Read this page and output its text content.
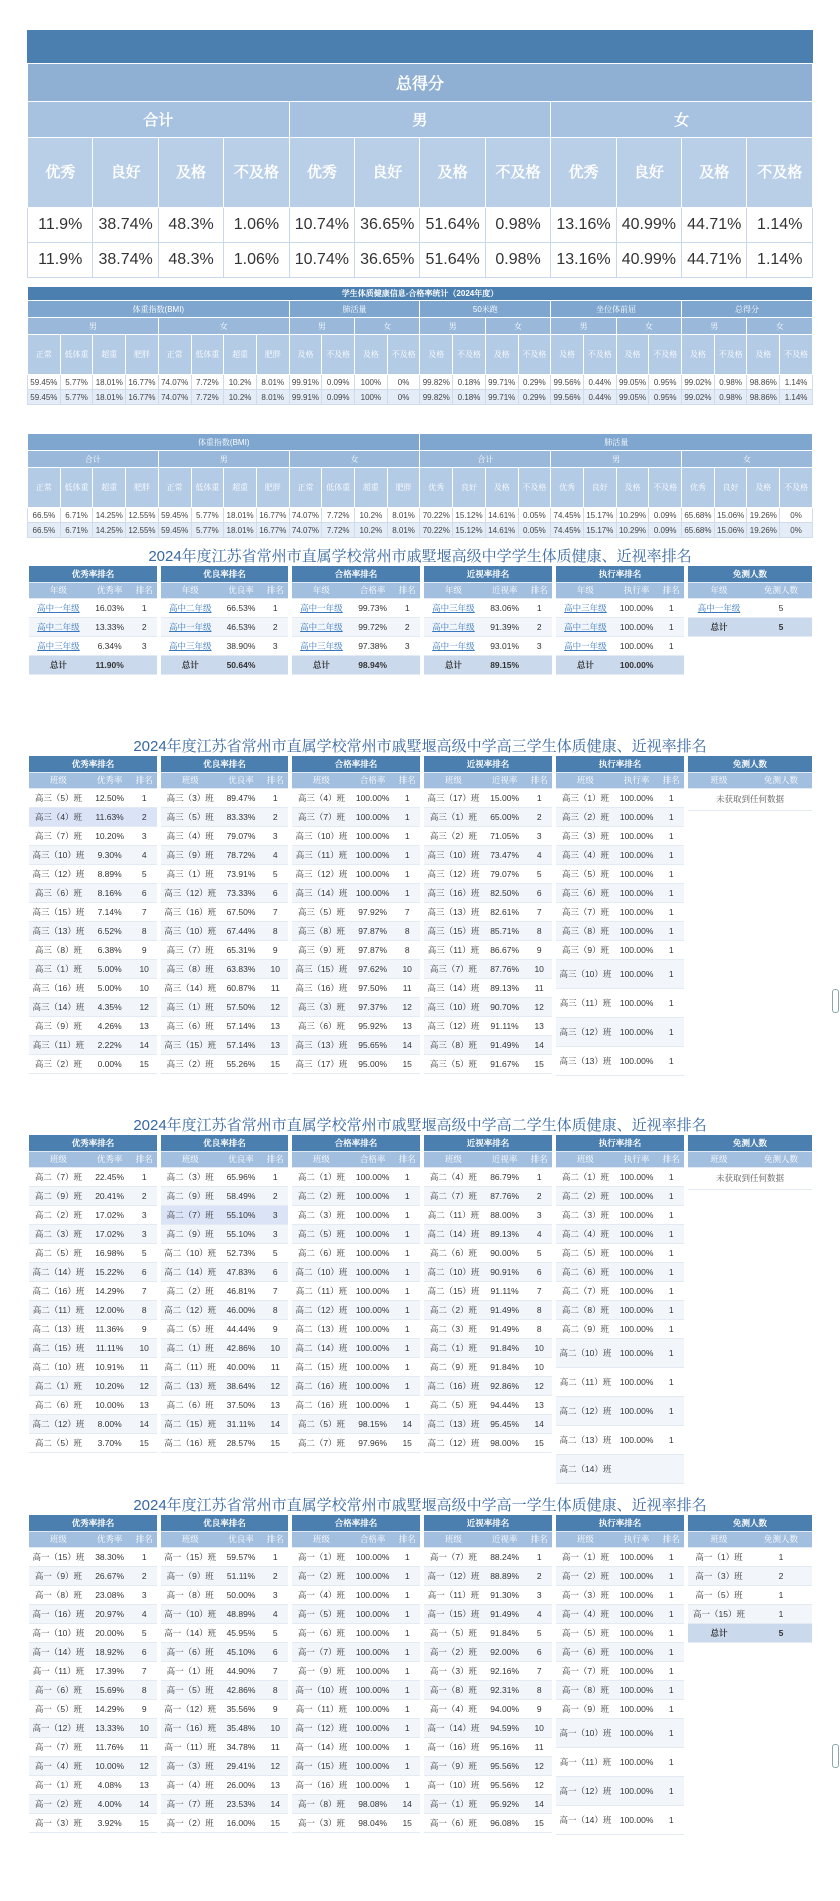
总得分											
合计				男				女			
优秀	良好	及格	不及格	优秀	良好	及格	不及格	优秀	良好	及格	不及格
11.9%	38.74%	48.3%	1.06%	10.74%	36.65%	51.64%	0.98%	13.16%	40.99%	44.71%	1.14%
11.9%	38.74%	48.3%	1.06%	10.74%	36.65%	51.64%	0.98%	13.16%	40.99%	44.71%	1.14%
学生体质健康信息-合格率统计（2024年度）																							
体重指数(BMI)								肺活量				50米跑				坐位体前屈				总得分			
男				女				男		女		男		女		男		女		男		女	
正常	低体重	超重	肥胖	正常	低体重	超重	肥胖	及格	不及格	及格	不及格	及格	不及格	及格	不及格	及格	不及格	及格	不及格	及格	不及格	及格	不及格
59.45%	5.77%	18.01%	16.77%	74.07%	7.72%	10.2%	8.01%	99.91%	0.09%	100%	0%	99.82%	0.18%	99.71%	0.29%	99.56%	0.44%	99.05%	0.95%	99.02%	0.98%	98.86%	1.14%
59.45%	5.77%	18.01%	16.77%	74.07%	7.72%	10.2%	8.01%	99.91%	0.09%	100%	0%	99.82%	0.18%	99.71%	0.29%	99.56%	0.44%	99.05%	0.95%	99.02%	0.98%	98.86%	1.14%
体重指数(BMI)												肺活量											
合计				男				女				合计				男				女			
正常	低体重	超重	肥胖	正常	低体重	超重	肥胖	正常	低体重	超重	肥胖	优秀	良好	及格	不及格	优秀	良好	及格	不及格	优秀	良好	及格	不及格
66.5%	6.71%	14.25%	12.55%	59.45%	5.77%	18.01%	16.77%	74.07%	7.72%	10.2%	8.01%	70.22%	15.12%	14.61%	0.05%	74.45%	15.17%	10.29%	0.09%	65.68%	15.06%	19.26%	0%
66.5%	6.71%	14.25%	12.55%	59.45%	5.77%	18.01%	16.77%	74.07%	7.72%	10.2%	8.01%	70.22%	15.12%	14.61%	0.05%	74.45%	15.17%	10.29%	0.09%	65.68%	15.06%	19.26%	0%
2024年度江苏省常州市直属学校常州市戚墅堰高级中学学生体质健康、近视率排名
优秀率排名		
年级	优秀率	排名
高中一年级	16.03%	1
高中二年级	13.33%	2
高中三年级	6.34%	3
总计	11.90%	
优良率排名		
年级	优良率	排名
高中二年级	66.53%	1
高中一年级	46.53%	2
高中三年级	38.90%	3
总计	50.64%	
合格率排名		
年级	合格率	排名
高中一年级	99.73%	1
高中二年级	99.72%	2
高中三年级	97.38%	3
总计	98.94%	
近视率排名		
年级	近视率	排名
高中三年级	83.06%	1
高中二年级	91.39%	2
高中一年级	93.01%	3
总计	89.15%	
执行率排名		
年级	执行率	排名
高中三年级	100.00%	1
高中二年级	100.00%	1
高中一年级	100.00%	1
总计	100.00%	
免测人数	
年级	免测人数
高中一年级	5
总计	5
2024年度江苏省常州市直属学校常州市戚墅堰高级中学高三学生体质健康、近视率排名
优秀率排名		
班级	优秀率	排名
高三（5）班	12.50%	1
高三（4）班	11.63%	2
高三（7）班	10.20%	3
高三（10）班	9.30%	4
高三（12）班	8.89%	5
高三（6）班	8.16%	6
高三（15）班	7.14%	7
高三（13）班	6.52%	8
高三（8）班	6.38%	9
高三（1）班	5.00%	10
高三（16）班	5.00%	10
高三（14）班	4.35%	12
高三（9）班	4.26%	13
高三（11）班	2.22%	14
高三（2）班	0.00%	15
优良率排名		
班级	优良率	排名
高三（3）班	89.47%	1
高三（5）班	83.33%	2
高三（4）班	79.07%	3
高三（9）班	78.72%	4
高三（1）班	73.91%	5
高三（12）班	73.33%	6
高三（16）班	67.50%	7
高三（10）班	67.44%	8
高三（7）班	65.31%	9
高三（8）班	63.83%	10
高三（14）班	60.87%	11
高三（1）班	57.50%	12
高三（6）班	57.14%	13
高三（15）班	57.14%	13
高三（2）班	55.26%	15
合格率排名		
班级	合格率	排名
高三（4）班	100.00%	1
高三（7）班	100.00%	1
高三（10）班	100.00%	1
高三（11）班	100.00%	1
高三（12）班	100.00%	1
高三（14）班	100.00%	1
高三（5）班	97.92%	7
高三（8）班	97.87%	8
高三（9）班	97.87%	8
高三（15）班	97.62%	10
高三（16）班	97.50%	11
高三（3）班	97.37%	12
高三（6）班	95.92%	13
高三（13）班	95.65%	14
高三（17）班	95.00%	15
近视率排名		
班级	近视率	排名
高三（17）班	15.00%	1
高三（1）班	65.00%	2
高三（2）班	71.05%	3
高三（10）班	73.47%	4
高三（12）班	79.07%	5
高三（16）班	82.50%	6
高三（13）班	82.61%	7
高三（15）班	85.71%	8
高三（11）班	86.67%	9
高三（7）班	87.76%	10
高三（14）班	89.13%	11
高三（10）班	90.70%	12
高三（12）班	91.11%	13
高三（8）班	91.49%	14
高三（5）班	91.67%	15
执行率排名		
班级	执行率	排名
高三（1）班	100.00%	1
高三（2）班	100.00%	1
高三（3）班	100.00%	1
高三（4）班	100.00%	1
高三（5）班	100.00%	1
高三（6）班	100.00%	1
高三（7）班	100.00%	1
高三（8）班	100.00%	1
高三（9）班	100.00%	1
高三（10）班	100.00%	1
高三（11）班	100.00%	1
高三（12）班	100.00%	1
高三（13）班	100.00%	1
免测人数
班级	免测人数
未获取到任何数据
2024年度江苏省常州市直属学校常州市戚墅堰高级中学高二学生体质健康、近视率排名
优秀率排名		
班级	优秀率	排名
高二（7）班	22.45%	1
高二（9）班	20.41%	2
高二（2）班	17.02%	3
高二（3）班	17.02%	3
高二（5）班	16.98%	5
高二（14）班	15.22%	6
高二（16）班	14.29%	7
高二（11）班	12.00%	8
高二（13）班	11.36%	9
高二（15）班	11.11%	10
高二（10）班	10.91%	11
高二（1）班	10.20%	12
高二（6）班	10.00%	13
高二（12）班	8.00%	14
高二（5）班	3.70%	15
优良率排名		
班级	优良率	排名
高二（3）班	65.96%	1
高二（9）班	58.49%	2
高二（7）班	55.10%	3
高二（9）班	55.10%	3
高二（10）班	52.73%	5
高二（14）班	47.83%	6
高二（2）班	46.81%	7
高二（12）班	46.00%	8
高二（5）班	44.44%	9
高二（1）班	42.86%	10
高二（11）班	40.00%	11
高二（13）班	38.64%	12
高二（6）班	37.50%	13
高二（15）班	31.11%	14
高二（16）班	28.57%	15
合格率排名		
班级	合格率	排名
高二（1）班	100.00%	1
高二（2）班	100.00%	1
高二（3）班	100.00%	1
高二（5）班	100.00%	1
高二（6）班	100.00%	1
高二（10）班	100.00%	1
高二（11）班	100.00%	1
高二（12）班	100.00%	1
高二（13）班	100.00%	1
高二（14）班	100.00%	1
高二（15）班	100.00%	1
高二（16）班	100.00%	1
高二（16）班	100.00%	1
高二（5）班	98.15%	14
高二（7）班	97.96%	15
近视率排名		
班级	近视率	排名
高二（4）班	86.79%	1
高二（7）班	87.76%	2
高二（11）班	88.00%	3
高二（14）班	89.13%	4
高二（6）班	90.00%	5
高二（10）班	90.91%	6
高二（15）班	91.11%	7
高二（2）班	91.49%	8
高二（3）班	91.49%	8
高二（1）班	91.84%	10
高二（9）班	91.84%	10
高二（16）班	92.86%	12
高二（5）班	94.44%	13
高二（13）班	95.45%	14
高二（12）班	98.00%	15
执行率排名		
班级	执行率	排名
高二（1）班	100.00%	1
高二（2）班	100.00%	1
高二（3）班	100.00%	1
高二（4）班	100.00%	1
高二（5）班	100.00%	1
高二（6）班	100.00%	1
高二（7）班	100.00%	1
高二（8）班	100.00%	1
高二（9）班	100.00%	1
高二（10）班	100.00%	1
高二（11）班	100.00%	1
高二（12）班	100.00%	1
高二（13）班	100.00%	1
高二（14）班		
免测人数
班级	免测人数
未获取到任何数据
2024年度江苏省常州市直属学校常州市戚墅堰高级中学高一学生体质健康、近视率排名
优秀率排名		
班级	优秀率	排名
高一（15）班	38.30%	1
高一（9）班	26.67%	2
高一（8）班	23.08%	3
高一（16）班	20.97%	4
高一（10）班	20.00%	5
高一（14）班	18.92%	6
高一（11）班	17.39%	7
高一（6）班	15.69%	8
高一（5）班	14.29%	9
高一（12）班	13.33%	10
高一（7）班	11.76%	11
高一（4）班	10.00%	12
高一（1）班	4.08%	13
高一（2）班	4.00%	14
高一（3）班	3.92%	15
优良率排名		
班级	优良率	排名
高一（15）班	59.57%	1
高一（9）班	51.11%	2
高一（8）班	50.00%	3
高一（10）班	48.89%	4
高一（14）班	45.95%	5
高一（6）班	45.10%	6
高一（1）班	44.90%	7
高一（5）班	42.86%	8
高一（12）班	35.56%	9
高一（16）班	35.48%	10
高一（11）班	34.78%	11
高一（3）班	29.41%	12
高一（4）班	26.00%	13
高一（7）班	23.53%	14
高一（2）班	16.00%	15
合格率排名		
班级	合格率	排名
高一（1）班	100.00%	1
高一（2）班	100.00%	1
高一（4）班	100.00%	1
高一（5）班	100.00%	1
高一（6）班	100.00%	1
高一（7）班	100.00%	1
高一（9）班	100.00%	1
高一（10）班	100.00%	1
高一（11）班	100.00%	1
高一（12）班	100.00%	1
高一（14）班	100.00%	1
高一（15）班	100.00%	1
高一（16）班	100.00%	1
高一（8）班	98.08%	14
高一（3）班	98.04%	15
近视率排名		
班级	近视率	排名
高一（7）班	88.24%	1
高一（12）班	88.89%	2
高一（11）班	91.30%	3
高一（15）班	91.49%	4
高一（5）班	91.84%	5
高一（2）班	92.00%	6
高一（3）班	92.16%	7
高一（8）班	92.31%	8
高一（4）班	94.00%	9
高一（14）班	94.59%	10
高一（16）班	95.16%	11
高一（9）班	95.56%	12
高一（10）班	95.56%	12
高一（1）班	95.92%	14
高一（6）班	96.08%	15
执行率排名		
班级	执行率	排名
高一（1）班	100.00%	1
高一（2）班	100.00%	1
高一（3）班	100.00%	1
高一（4）班	100.00%	1
高一（5）班	100.00%	1
高一（6）班	100.00%	1
高一（7）班	100.00%	1
高一（8）班	100.00%	1
高一（9）班	100.00%	1
高一（10）班	100.00%	1
高一（11）班	100.00%	1
高一（12）班	100.00%	1
高一（14）班	100.00%	1
免测人数	
班级	免测人数
高一（1）班	1
高一（3）班	2
高一（5）班	1
高一（15）班	1
总计	5
